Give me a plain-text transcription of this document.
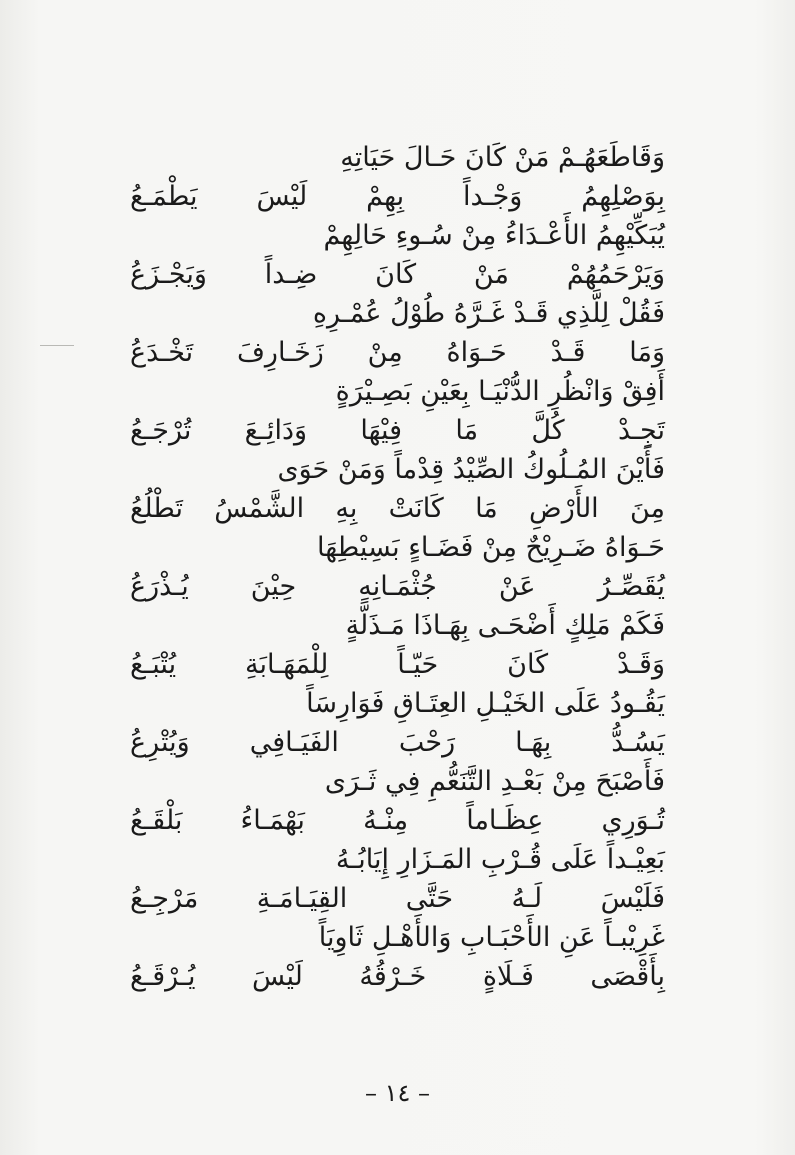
وَقَاطَعَهُـمْ مَنْ كَانَ حَـالَ حَيَاتِهِ
بِوَصْلِهِمُ وَجْـداً بِهِمْ لَيْسَ يَطْمَـعُ
يُبَكِّيْهِمُ الأَعْـدَاءُ مِنْ سُـوءِ حَالِهِمْ
وَيَرْحَمُهُمْ مَنْ كَانَ ضِـداً وَيَجْـزَعُ
فَقُلْ لِلَّذِي قَـدْ غَـرَّهُ طُوْلُ عُمْـرِهِ
وَمَا قَـدْ حَـوَاهُ مِنْ زَخَـارِفَ تَخْـدَعُ
أَفِقْ وَانْظُرِ الدُّنْيَـا بِعَيْنِ بَصِـيْرَةٍ
تَجِـدْ كُلَّ مَا فِيْهَا وَدَائِـعَ تُرْجَـعُ
فَأَيْنَ المُـلُوكُ الصِّيْدُ قِدْماً وَمَنْ حَوَى
مِنَ الأَرْضِ مَا كَانَتْ بِهِ الشَّمْسُ تَطْلُعُ
حَـوَاهُ ضَـرِيْحٌ مِنْ فَضَـاءٍ بَسِيْطِهَا
يُقَصِّـرُ عَنْ جُثْمَـانِهِ حِيْنَ يُـذْرَعُ
فَكَمْ مَلِكٍ أَضْحَـى بِهَـاذَا مَـذَلَّةٍ
وَقَـدْ كَانَ حَيّـاً لِلْمَهَـابَةِ يُتْبَـعُ
يَقُـودُ عَلَى الخَيْـلِ العِتَـاقِ فَوَارِسَاً
يَسُـدُّ بِهَـا رَحْبَ الفَيَـافِي وَيُتْرِعُ
فَأَصْبَحَ مِنْ بَعْـدِ التَّنَعُّمِ فِي ثَـرَى
تُـوَرِي عِظَـاماً مِنْـهُ بَهْمَـاءُ بَلْقَـعُ
بَعِيْـداً عَلَى قُـرْبِ المَـزَارِ إِيَابُـهُ
فَلَيْسَ لَـهُ حَتَّى القِيَـامَـةِ مَرْجِـعُ
غَرِيْبـاً عَنِ الأَحْبَـابِ وَالأَهْـلِ ثَاوِيَاً
بِأَقْصَى فَـلَاةٍ خَـرْقُهُ لَيْسَ يُـرْقَـعُ
– ١٤ –
